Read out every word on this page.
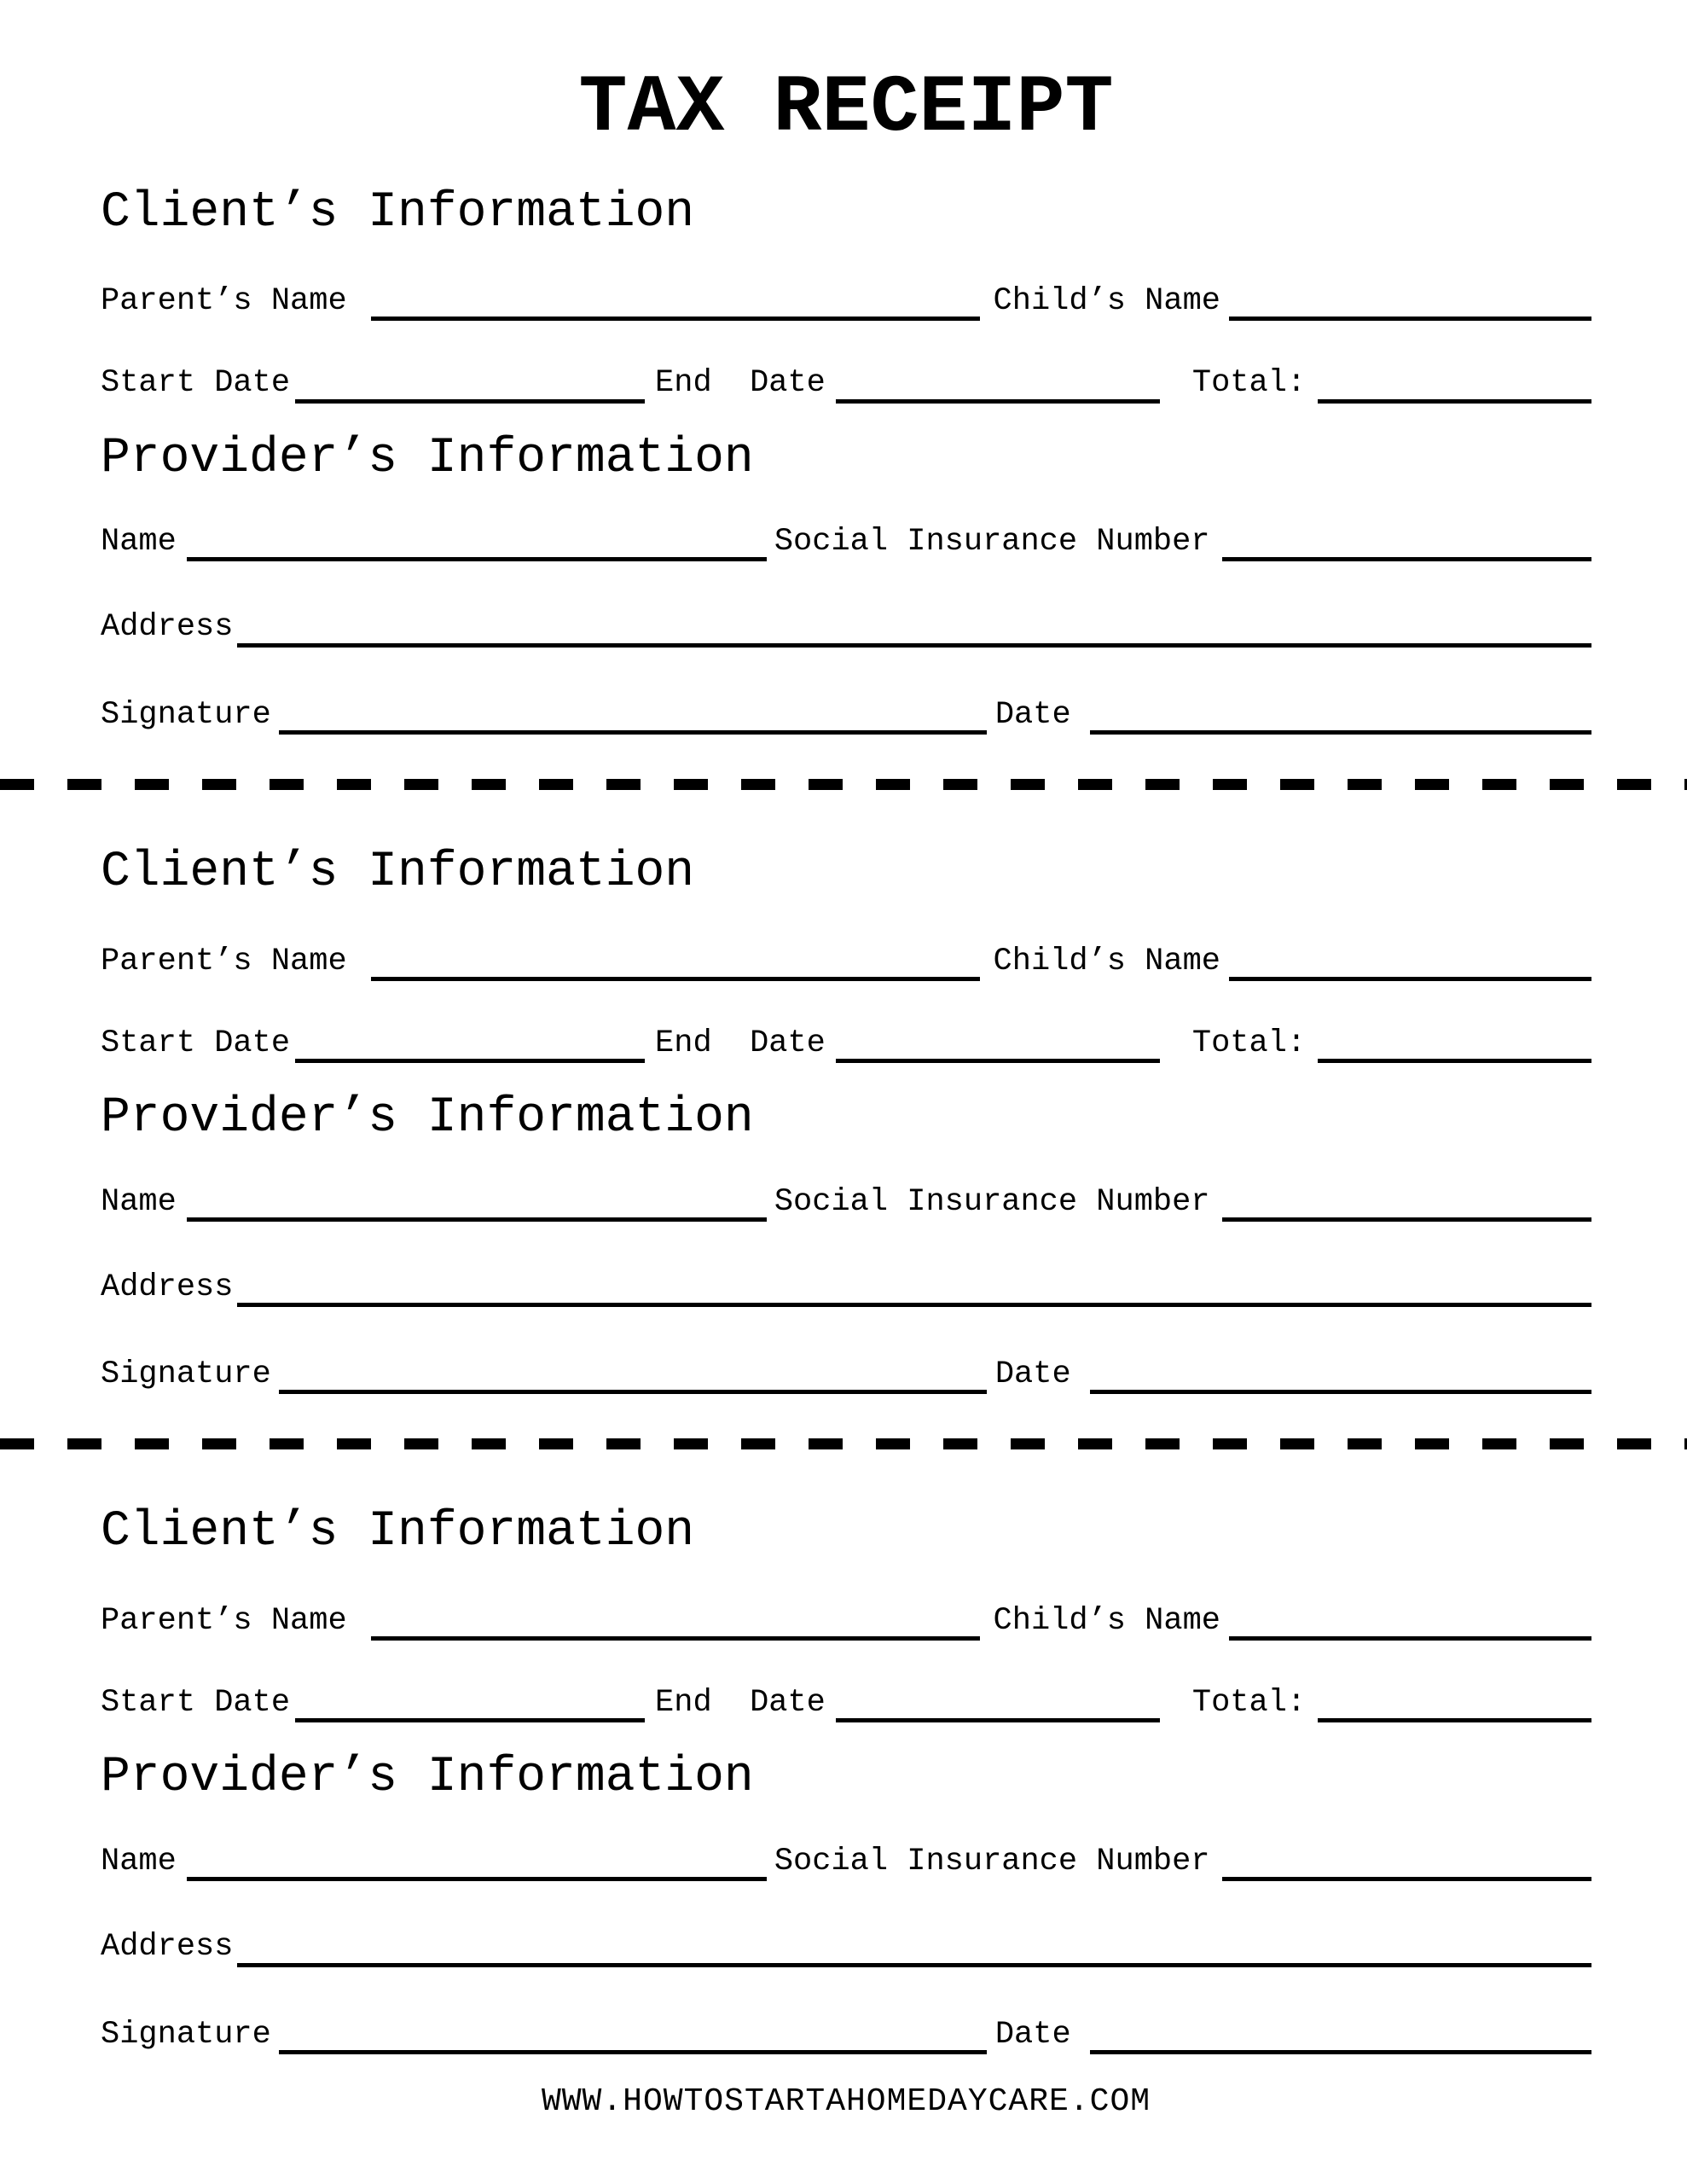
TAX RECEIPT
Client’s Information
Parent’s Name	Child’s Name
Start Date	End  Date	Total:
Provider’s Information
Name	Social Insurance Number
Address
Signature	Date
Client’s Information
Parent’s Name	Child’s Name
Start Date	End  Date	Total:
Provider’s Information
Name	Social Insurance Number
Address
Signature	Date
Client’s Information
Parent’s Name	Child’s Name
Start Date	End  Date	Total:
Provider’s Information
Name	Social Insurance Number
Address
Signature	Date
WWW.HOWTOSTARTAHOMEDAYCARE.COM
